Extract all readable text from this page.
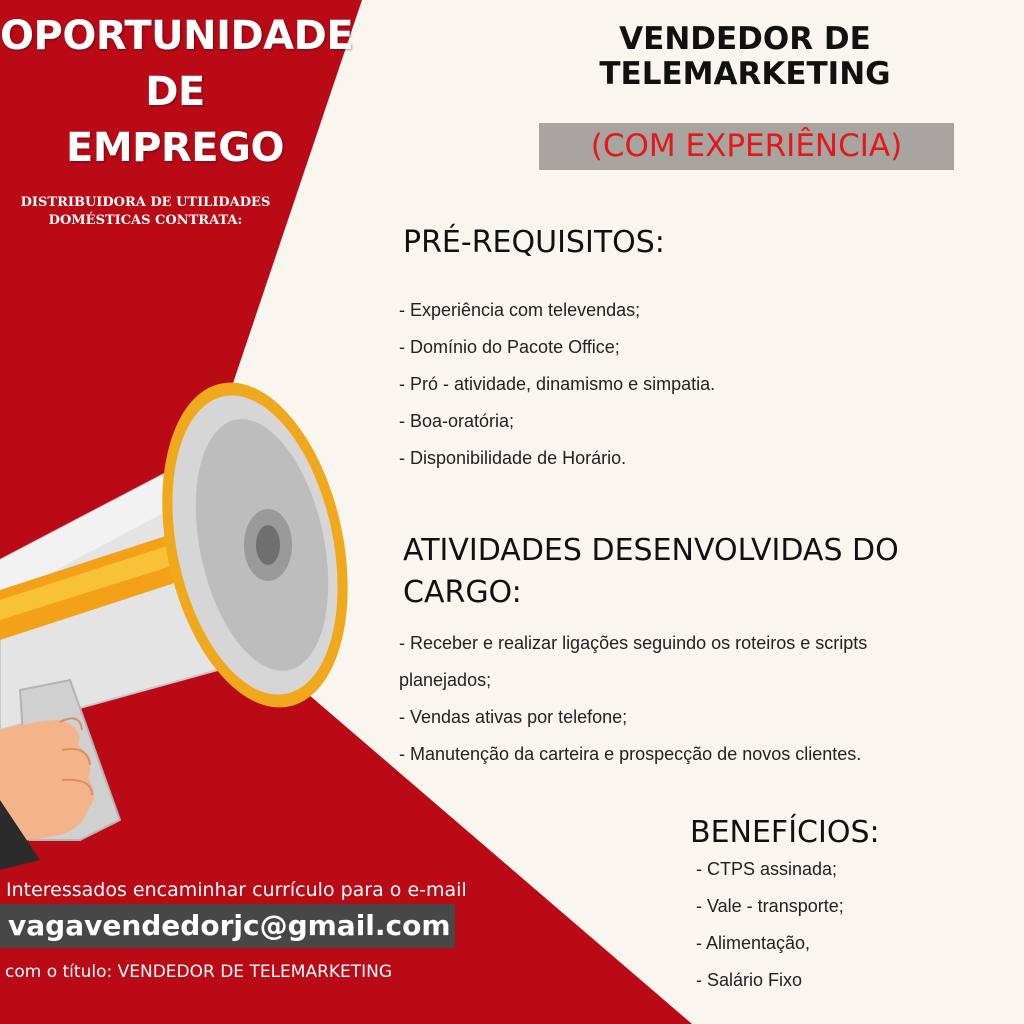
OPORTUNIDADE
DE
EMPREGO
DISTRIBUIDORA DE UTILIDADES
DOMÉSTICAS CONTRATA:
VENDEDOR DE
TELEMARKETING
(COM EXPERIÊNCIA)
PRÉ-REQUISITOS:
- Experiência com televendas;
- Domínio do Pacote Office;
- Pró - atividade, dinamismo e simpatia.
- Boa-oratória;
- Disponibilidade de Horário.
ATIVIDADES DESENVOLVIDAS DO
CARGO:
- Receber e realizar ligações seguindo os roteiros e scripts
planejados;
- Vendas ativas por telefone;
- Manutenção da carteira e prospecção de novos clientes.
BENEFÍCIOS:
- CTPS assinada;
- Vale - transporte;
- Alimentação,
- Salário Fixo
Interessados encaminhar currículo para o e-mail
vagavendedorjc@gmail.com
com o título: VENDEDOR DE TELEMARKETING
